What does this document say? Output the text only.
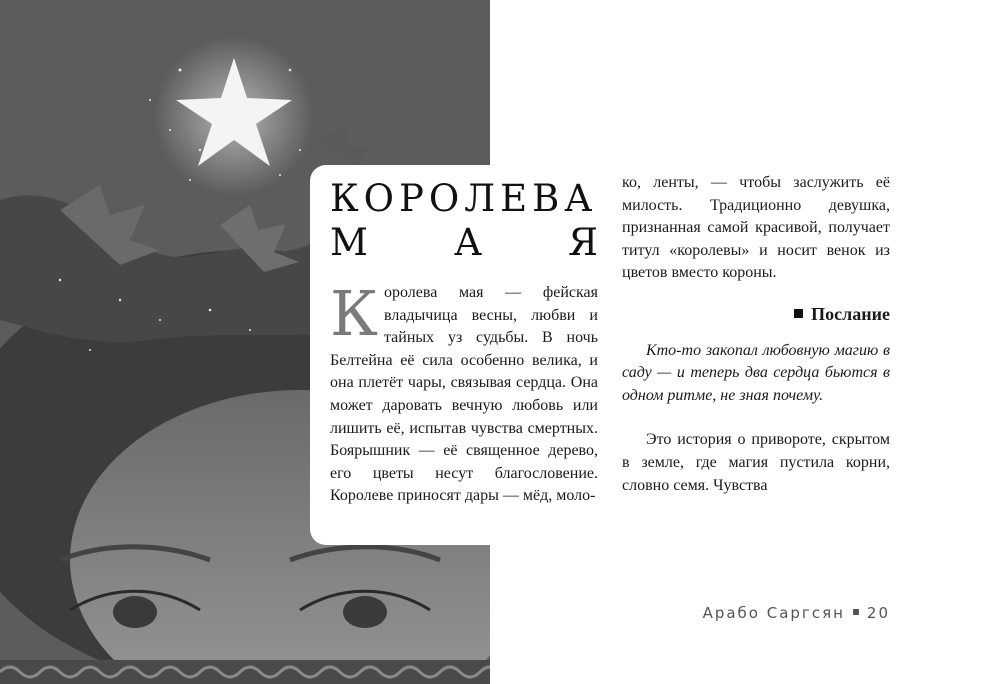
КОРОЛЕВА
М А Я

Королева мая — фейская владычица весны, любви и тайных уз судьбы. В ночь Белтейна её сила особенно велика, и она плетёт чары, связывая сердца. Она может даровать вечную любовь или лишить её, испытав чувства смертных. Боярышник — её священное дерево, его цветы несут благословение. Королеве приносят дары — мёд, моло-

ко, ленты, — чтобы заслужить её милость. Традиционно девушка, признанная самой красивой, получает титул «королевы» и носит венок из цветов вместо короны.

Послание

Кто-то закопал любовную магию в саду — и теперь два сердца бьются в одном ритме, не зная почему.

Это история о привороте, скрытом в земле, где магия пустила корни, словно семя. Чувства

Арабо Саргсян 20
